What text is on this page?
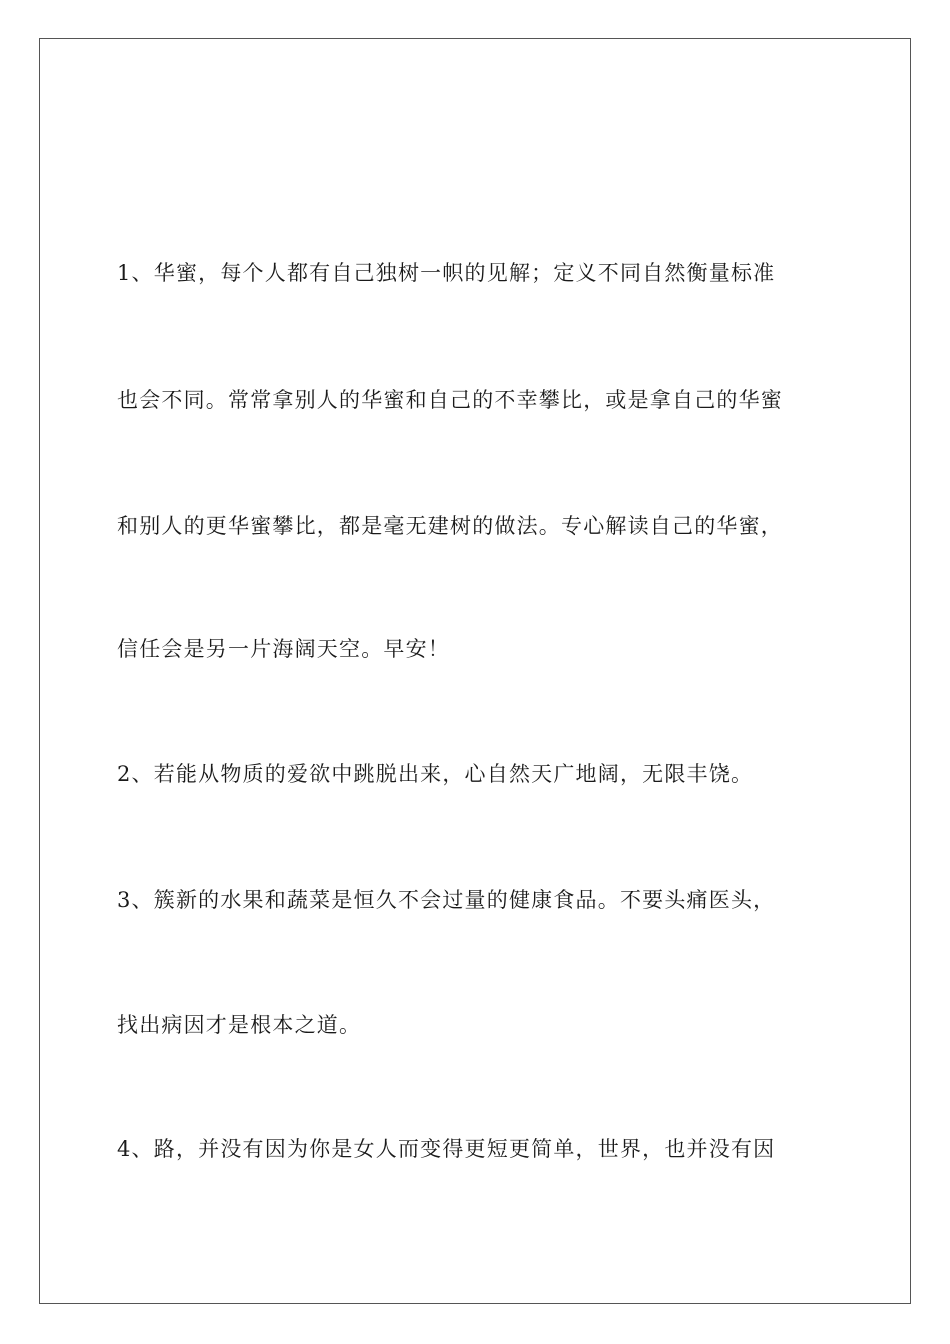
1、华蜜，每个人都有自己独树一帜的见解；定义不同自然衡量标准
也会不同。常常拿别人的华蜜和自己的不幸攀比，或是拿自己的华蜜
和别人的更华蜜攀比，都是毫无建树的做法。专心解读自己的华蜜，
信任会是另一片海阔天空。早安！
2、若能从物质的爱欲中跳脱出来，心自然天广地阔，无限丰饶。
3、簇新的水果和蔬菜是恒久不会过量的健康食品。不要头痛医头，
找出病因才是根本之道。
4、路，并没有因为你是女人而变得更短更简单，世界，也并没有因
